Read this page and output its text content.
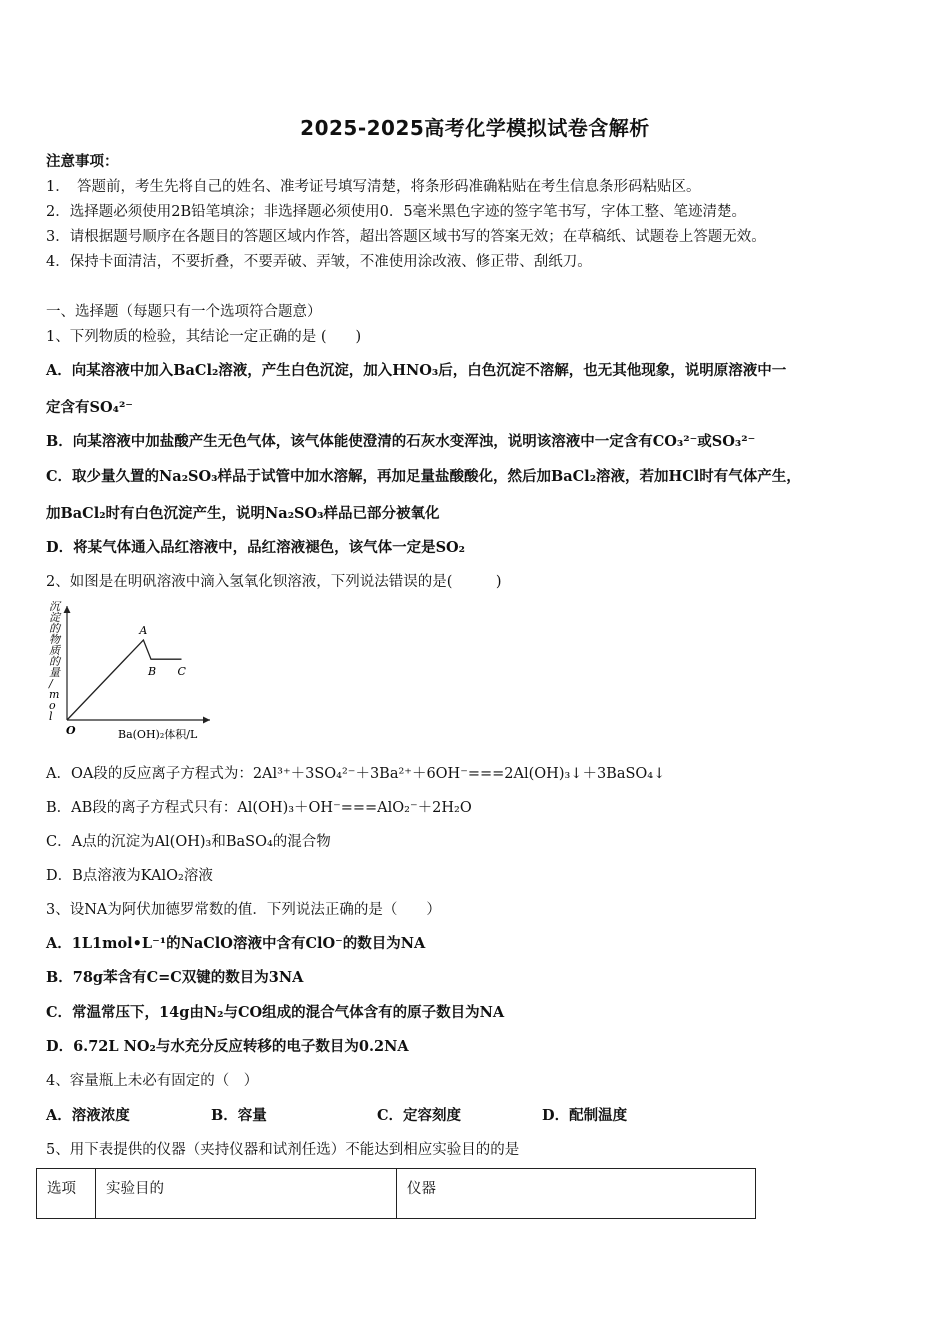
2025-2025高考化学模拟试卷含解析
注意事项：
1．　答题前，考生先将自己的姓名、准考证号填写清楚，将条形码准确粘贴在考生信息条形码粘贴区。
2．选择题必须使用2B铅笔填涂；非选择题必须使用0．5毫米黑色字迹的签字笔书写，字体工整、笔迹清楚。
3．请根据题号顺序在各题目的答题区域内作答，超出答题区域书写的答案无效；在草稿纸、试题卷上答题无效。
4．保持卡面清洁，不要折叠，不要弄破、弄皱，不准使用涂改液、修正带、刮纸刀。
一、选择题（每题只有一个选项符合题意）
1、下列物质的检验，其结论一定正确的是 (　　)
A．向某溶液中加入BaCl₂溶液，产生白色沉淀，加入HNO₃后，白色沉淀不溶解，也无其他现象，说明原溶液中一
定含有SO₄²⁻
B．向某溶液中加盐酸产生无色气体，该气体能使澄清的石灰水变浑浊，说明该溶液中一定含有CO₃²⁻或SO₃²⁻
C．取少量久置的Na₂SO₃样品于试管中加水溶解，再加足量盐酸酸化，然后加BaCl₂溶液，若加HCl时有气体产生，
加BaCl₂时有白色沉淀产生，说明Na₂SO₃样品已部分被氧化
D．将某气体通入品红溶液中，品红溶液褪色，该气体一定是SO₂
2、如图是在明矾溶液中滴入氢氧化钡溶液，下列说法错误的是(　　　)
沉淀的物质的量/ m o l
O
A
B C
Ba(OH)₂体积/L
A．OA段的反应离子方程式为：2Al³⁺＋3SO₄²⁻＋3Ba²⁺＋6OH⁻===2Al(OH)₃↓＋3BaSO₄↓
B．AB段的离子方程式只有：Al(OH)₃＋OH⁻===AlO₂⁻＋2H₂O
C．A点的沉淀为Al(OH)₃和BaSO₄的混合物
D．B点溶液为KAlO₂溶液
3、设NA为阿伏加德罗常数的值．下列说法正确的是（　　）
A．1L1mol•L⁻¹的NaClO溶液中含有ClO⁻的数目为NA
B．78g苯含有C=C双键的数目为3NA
C．常温常压下，14g由N₂与CO组成的混合气体含有的原子数目为NA
D．6.72L NO₂与水充分反应转移的电子数目为0.2NA
4、容量瓶上未必有固定的（　）
A．溶液浓度	B．容量	C．定容刻度	D．配制温度
5、用下表提供的仪器（夹持仪器和试剂任选）不能达到相应实验目的的是
选项	实验目的	仪器
